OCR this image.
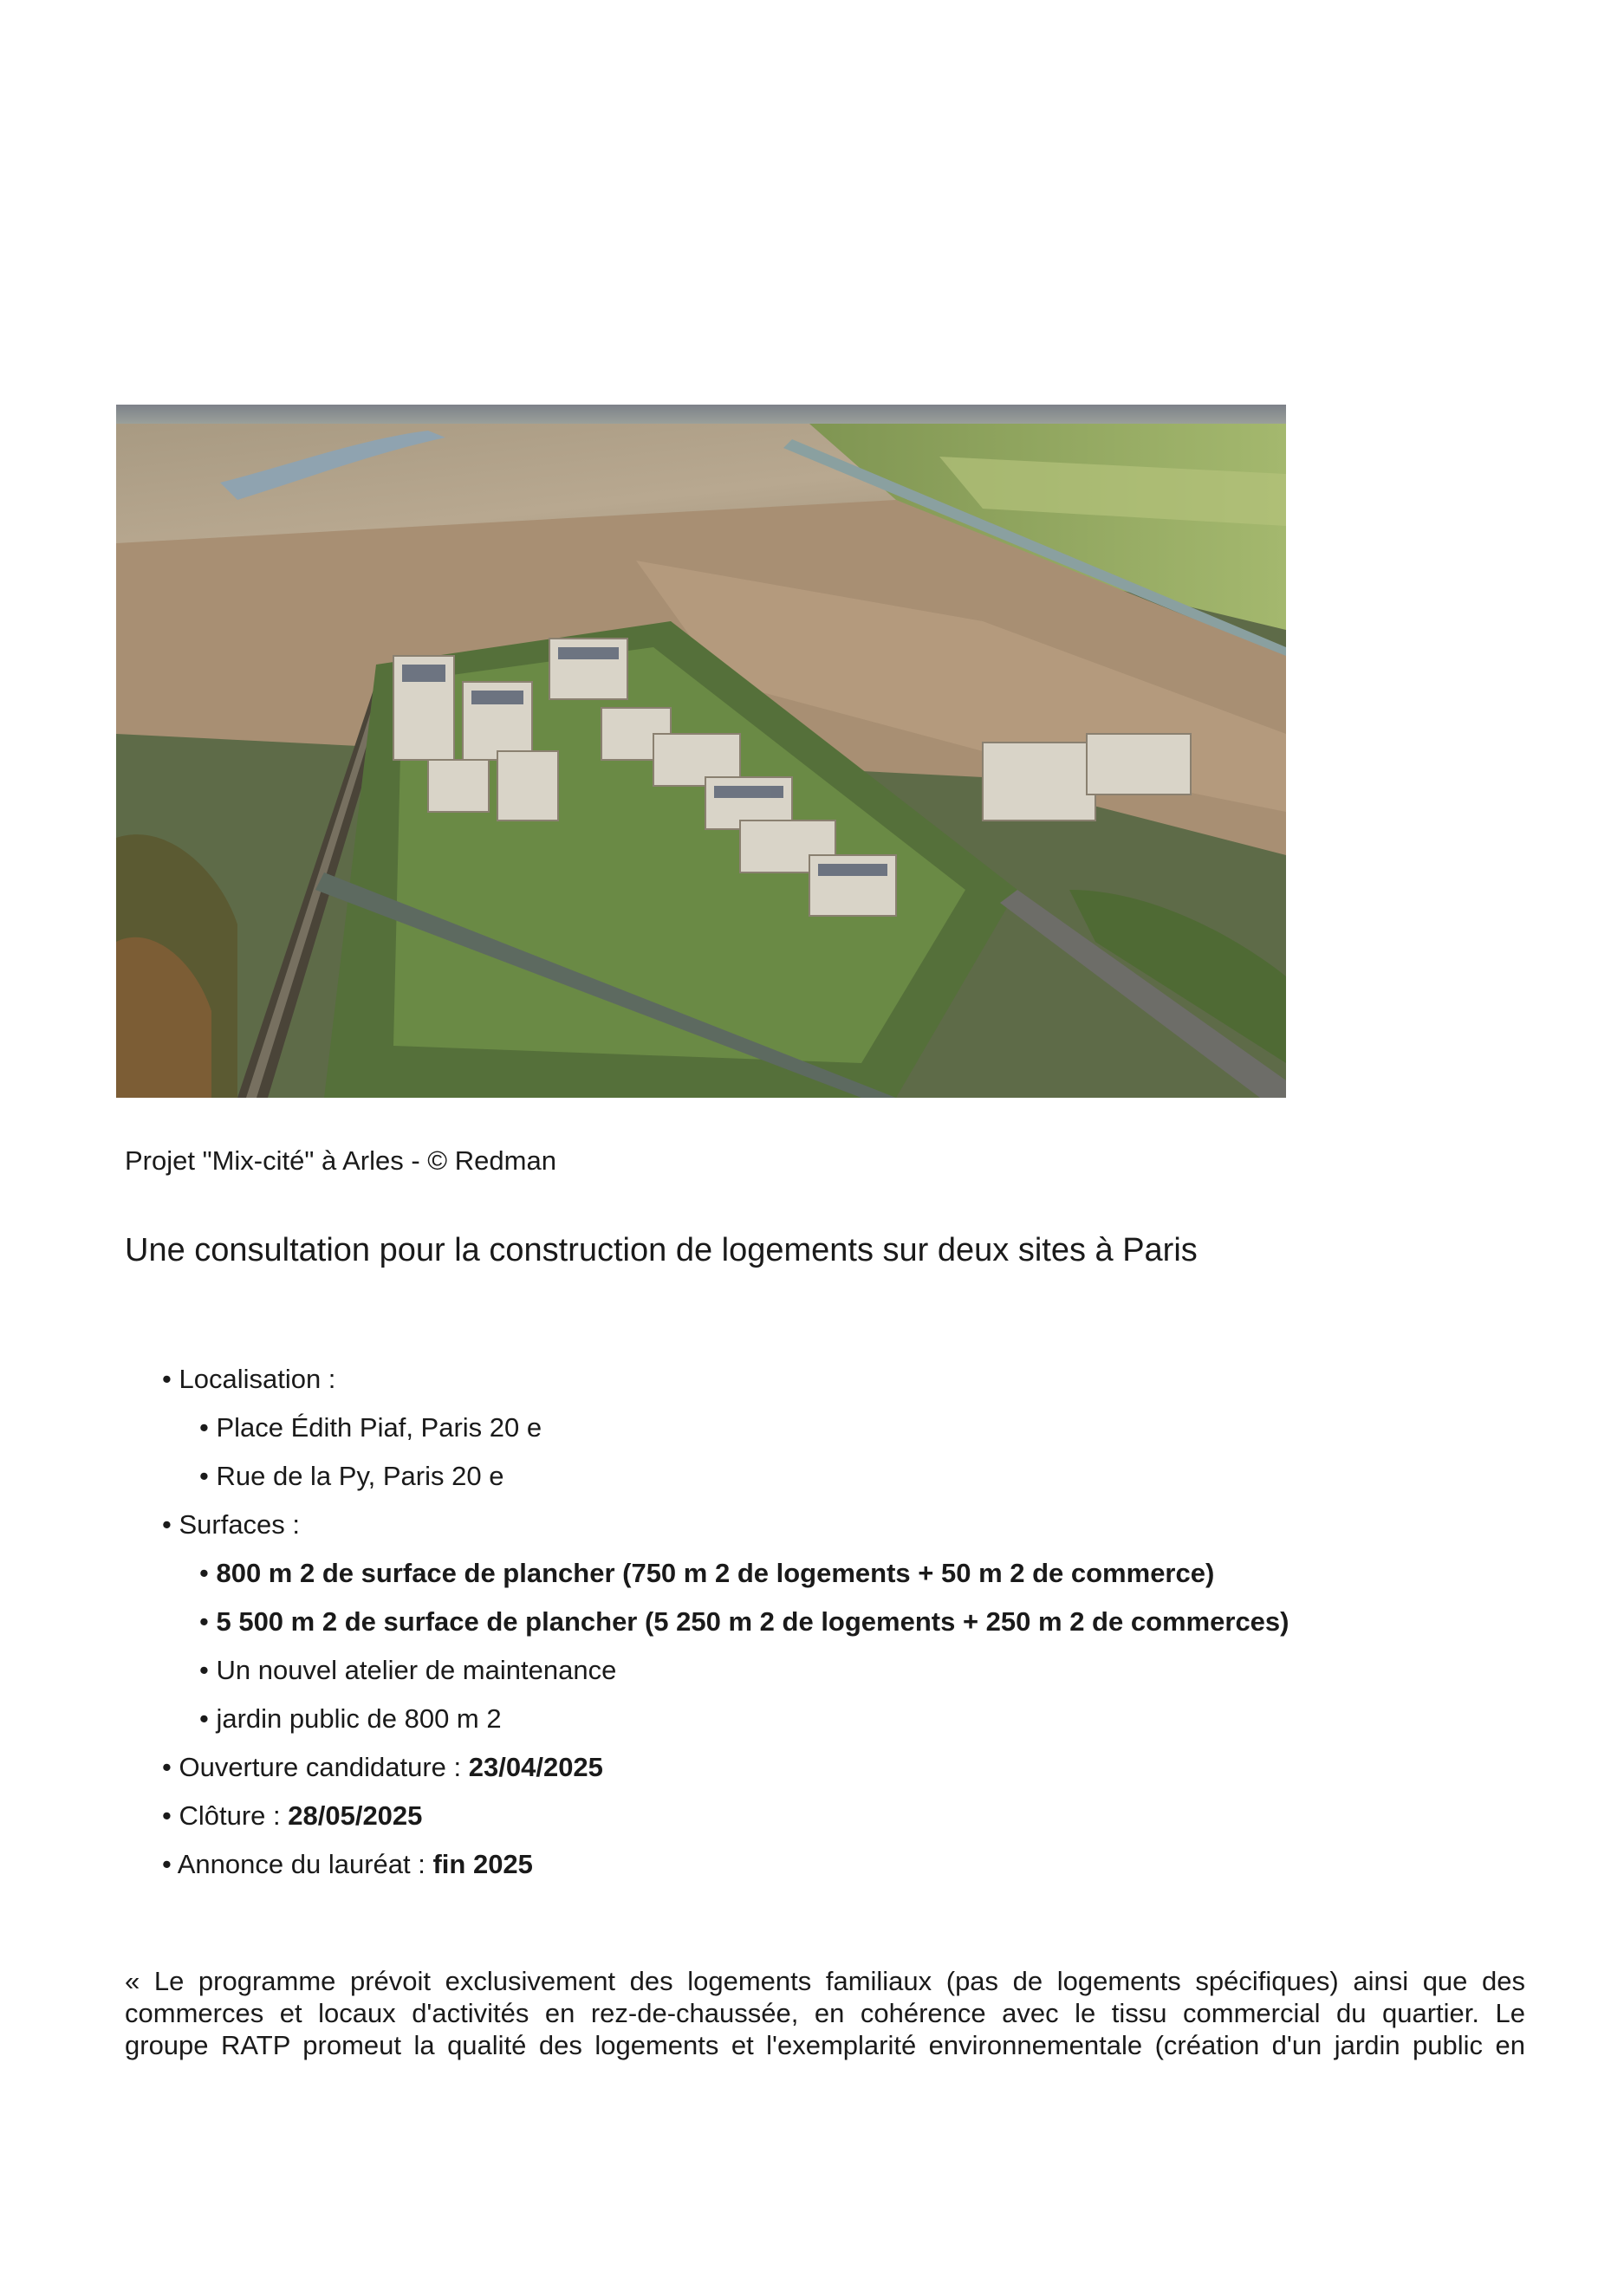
Projet "Mix-cité" à Arles - © Redman
Une consultation pour la construction de logements sur deux sites à Paris
• Localisation :
• Place Édith Piaf, Paris 20 e
• Rue de la Py, Paris 20 e
• Surfaces :
• 800 m 2 de surface de plancher (750 m 2 de logements + 50 m 2 de commerce)
• 5 500 m 2 de surface de plancher (5 250 m 2 de logements + 250 m 2 de commerces)
• Un nouvel atelier de maintenance
• jardin public de 800 m 2
• Ouverture candidature : 23/04/2025
• Clôture : 28/05/2025
• Annonce du lauréat : fin 2025
« Le programme prévoit exclusivement des logements familiaux (pas de logements spécifiques) ainsi que des
commerces et locaux d'activités en rez-de-chaussée, en cohérence avec le tissu commercial du quartier. Le
groupe RATP promeut la qualité des logements et l'exemplarité environnementale (création d'un jardin public en
